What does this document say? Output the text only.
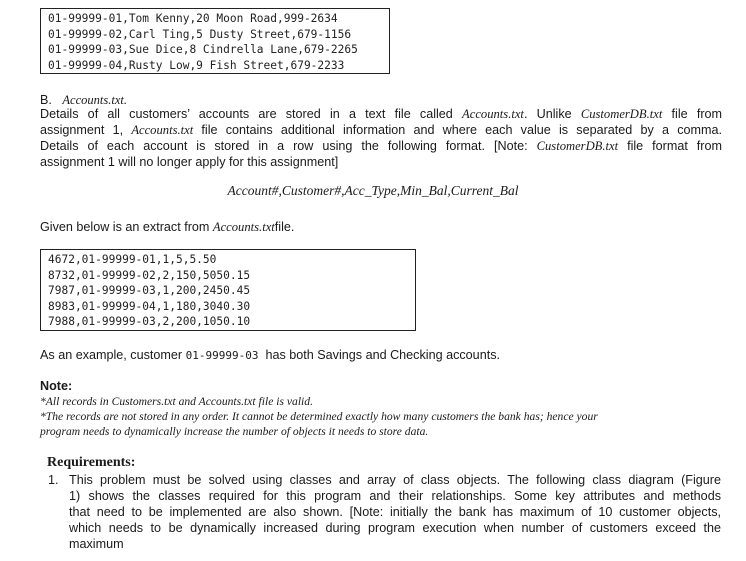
01-99999-01,Tom Kenny,20 Moon Road,999-2634
01-99999-02,Carl Ting,5 Dusty Street,679-1156
01-99999-03,Sue Dice,8 Cindrella Lane,679-2265
01-99999-04,Rusty Low,9 Fish Street,679-2233
B. Accounts.txt.
Details of all customers’ accounts are stored in a text file called Accounts.txt. Unlike CustomerDB.txt file from
assignment 1, Accounts.txt file contains additional information and where each value is separated by a comma.
Details of each account is stored in a row using the following format. [Note: CustomerDB.txt file format from
assignment 1 will no longer apply for this assignment]
Account#,Customer#,Acc_Type,Min_Bal,Current_Bal
Given below is an extract from Accounts.txtfile.
4672,01-99999-01,1,5,5.50
8732,01-99999-02,2,150,5050.15
7987,01-99999-03,1,200,2450.45
8983,01-99999-04,1,180,3040.30
7988,01-99999-03,2,200,1050.10
As an example, customer 01-99999-03 has both Savings and Checking accounts.
Note:
*All records in Customers.txt and Accounts.txt file is valid.
*The records are not stored in any order. It cannot be determined exactly how many customers the bank has; hence your
program needs to dynamically increase the number of objects it needs to store data.
Requirements:
1. This problem must be solved using classes and array of class objects. The following class diagram (Figure
1) shows the classes required for this program and their relationships. Some key attributes and methods
that need to be implemented are also shown. [Note: initially the bank has maximum of 10 customer objects,
which needs to be dynamically increased during program execution when number of customers exceed the
maximum
